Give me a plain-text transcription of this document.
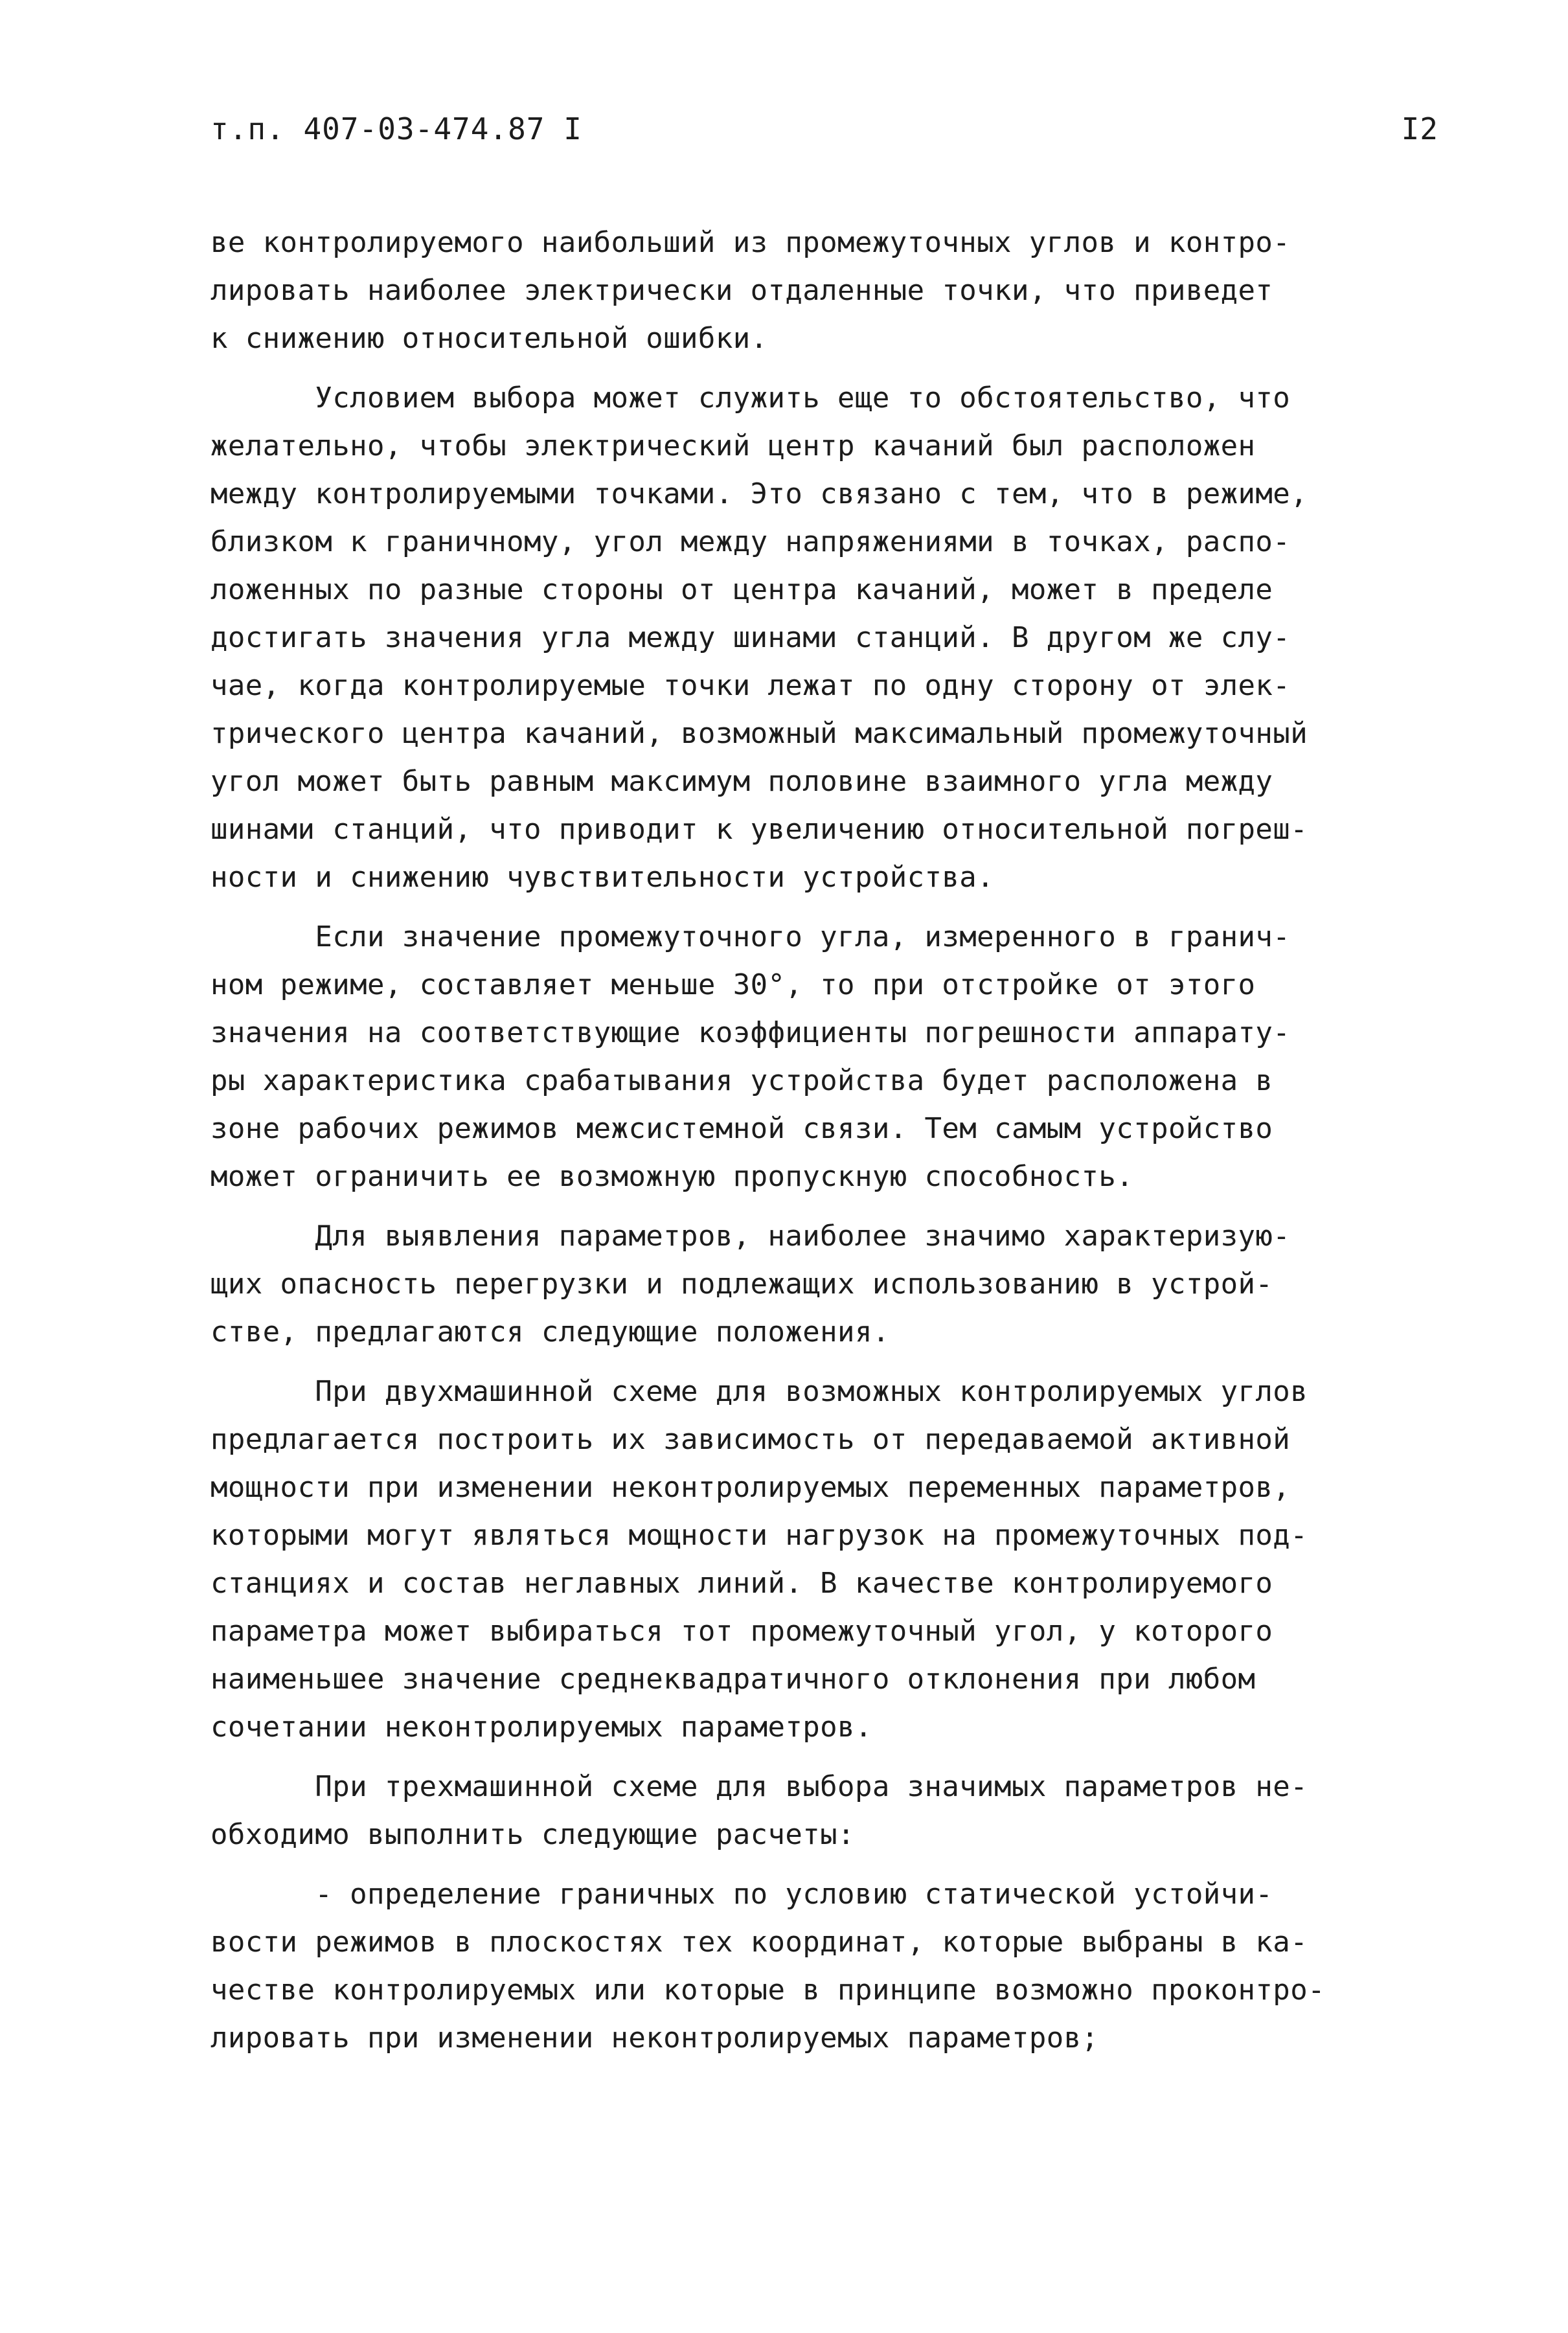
т.п. 407-03-474.87 I	I2
ве контролируемого наибольший из промежуточных углов и контро-
лировать наиболее электрически отдаленные точки, что приведет
к снижению относительной ошибки.
Условием выбора может служить еще то обстоятельство, что
желательно, чтобы электрический центр качаний был расположен
между контролируемыми точками. Это связано с тем, что в режиме,
близком к граничному, угол между напряжениями в точках, распо-
ложенных по разные стороны от центра качаний, может в пределе
достигать значения угла между шинами станций. В другом же слу-
чае, когда контролируемые точки лежат по одну сторону от элек-
трического центра качаний, возможный максимальный промежуточный
угол может быть равным максимум половине взаимного угла между
шинами станций, что приводит к увеличению относительной погреш-
ности и снижению чувствительности устройства.
Если значение промежуточного угла, измеренного в гранич-
ном режиме, составляет меньше 30°, то при отстройке от этого
значения на соответствующие коэффициенты погрешности аппарату-
ры характеристика срабатывания устройства будет расположена в
зоне рабочих режимов межсистемной связи. Тем самым устройство
может ограничить ее возможную пропускную способность.
Для выявления параметров, наиболее значимо характеризую-
щих опасность перегрузки и подлежащих использованию в устрой-
стве, предлагаются следующие положения.
При двухмашинной схеме для возможных контролируемых углов
предлагается построить их зависимость от передаваемой активной
мощности при изменении неконтролируемых переменных параметров,
которыми могут являться мощности нагрузок на промежуточных под-
станциях и состав неглавных линий. В качестве контролируемого
параметра может выбираться тот промежуточный угол, у которого
наименьшее значение среднеквадратичного отклонения при любом
сочетании неконтролируемых параметров.
При трехмашинной схеме для выбора значимых параметров не-
обходимо выполнить следующие расчеты:
- определение граничных по условию статической устойчи-
вости режимов в плоскостях тех координат, которые выбраны в ка-
честве контролируемых или которые в принципе возможно проконтро-
лировать при изменении неконтролируемых параметров;
